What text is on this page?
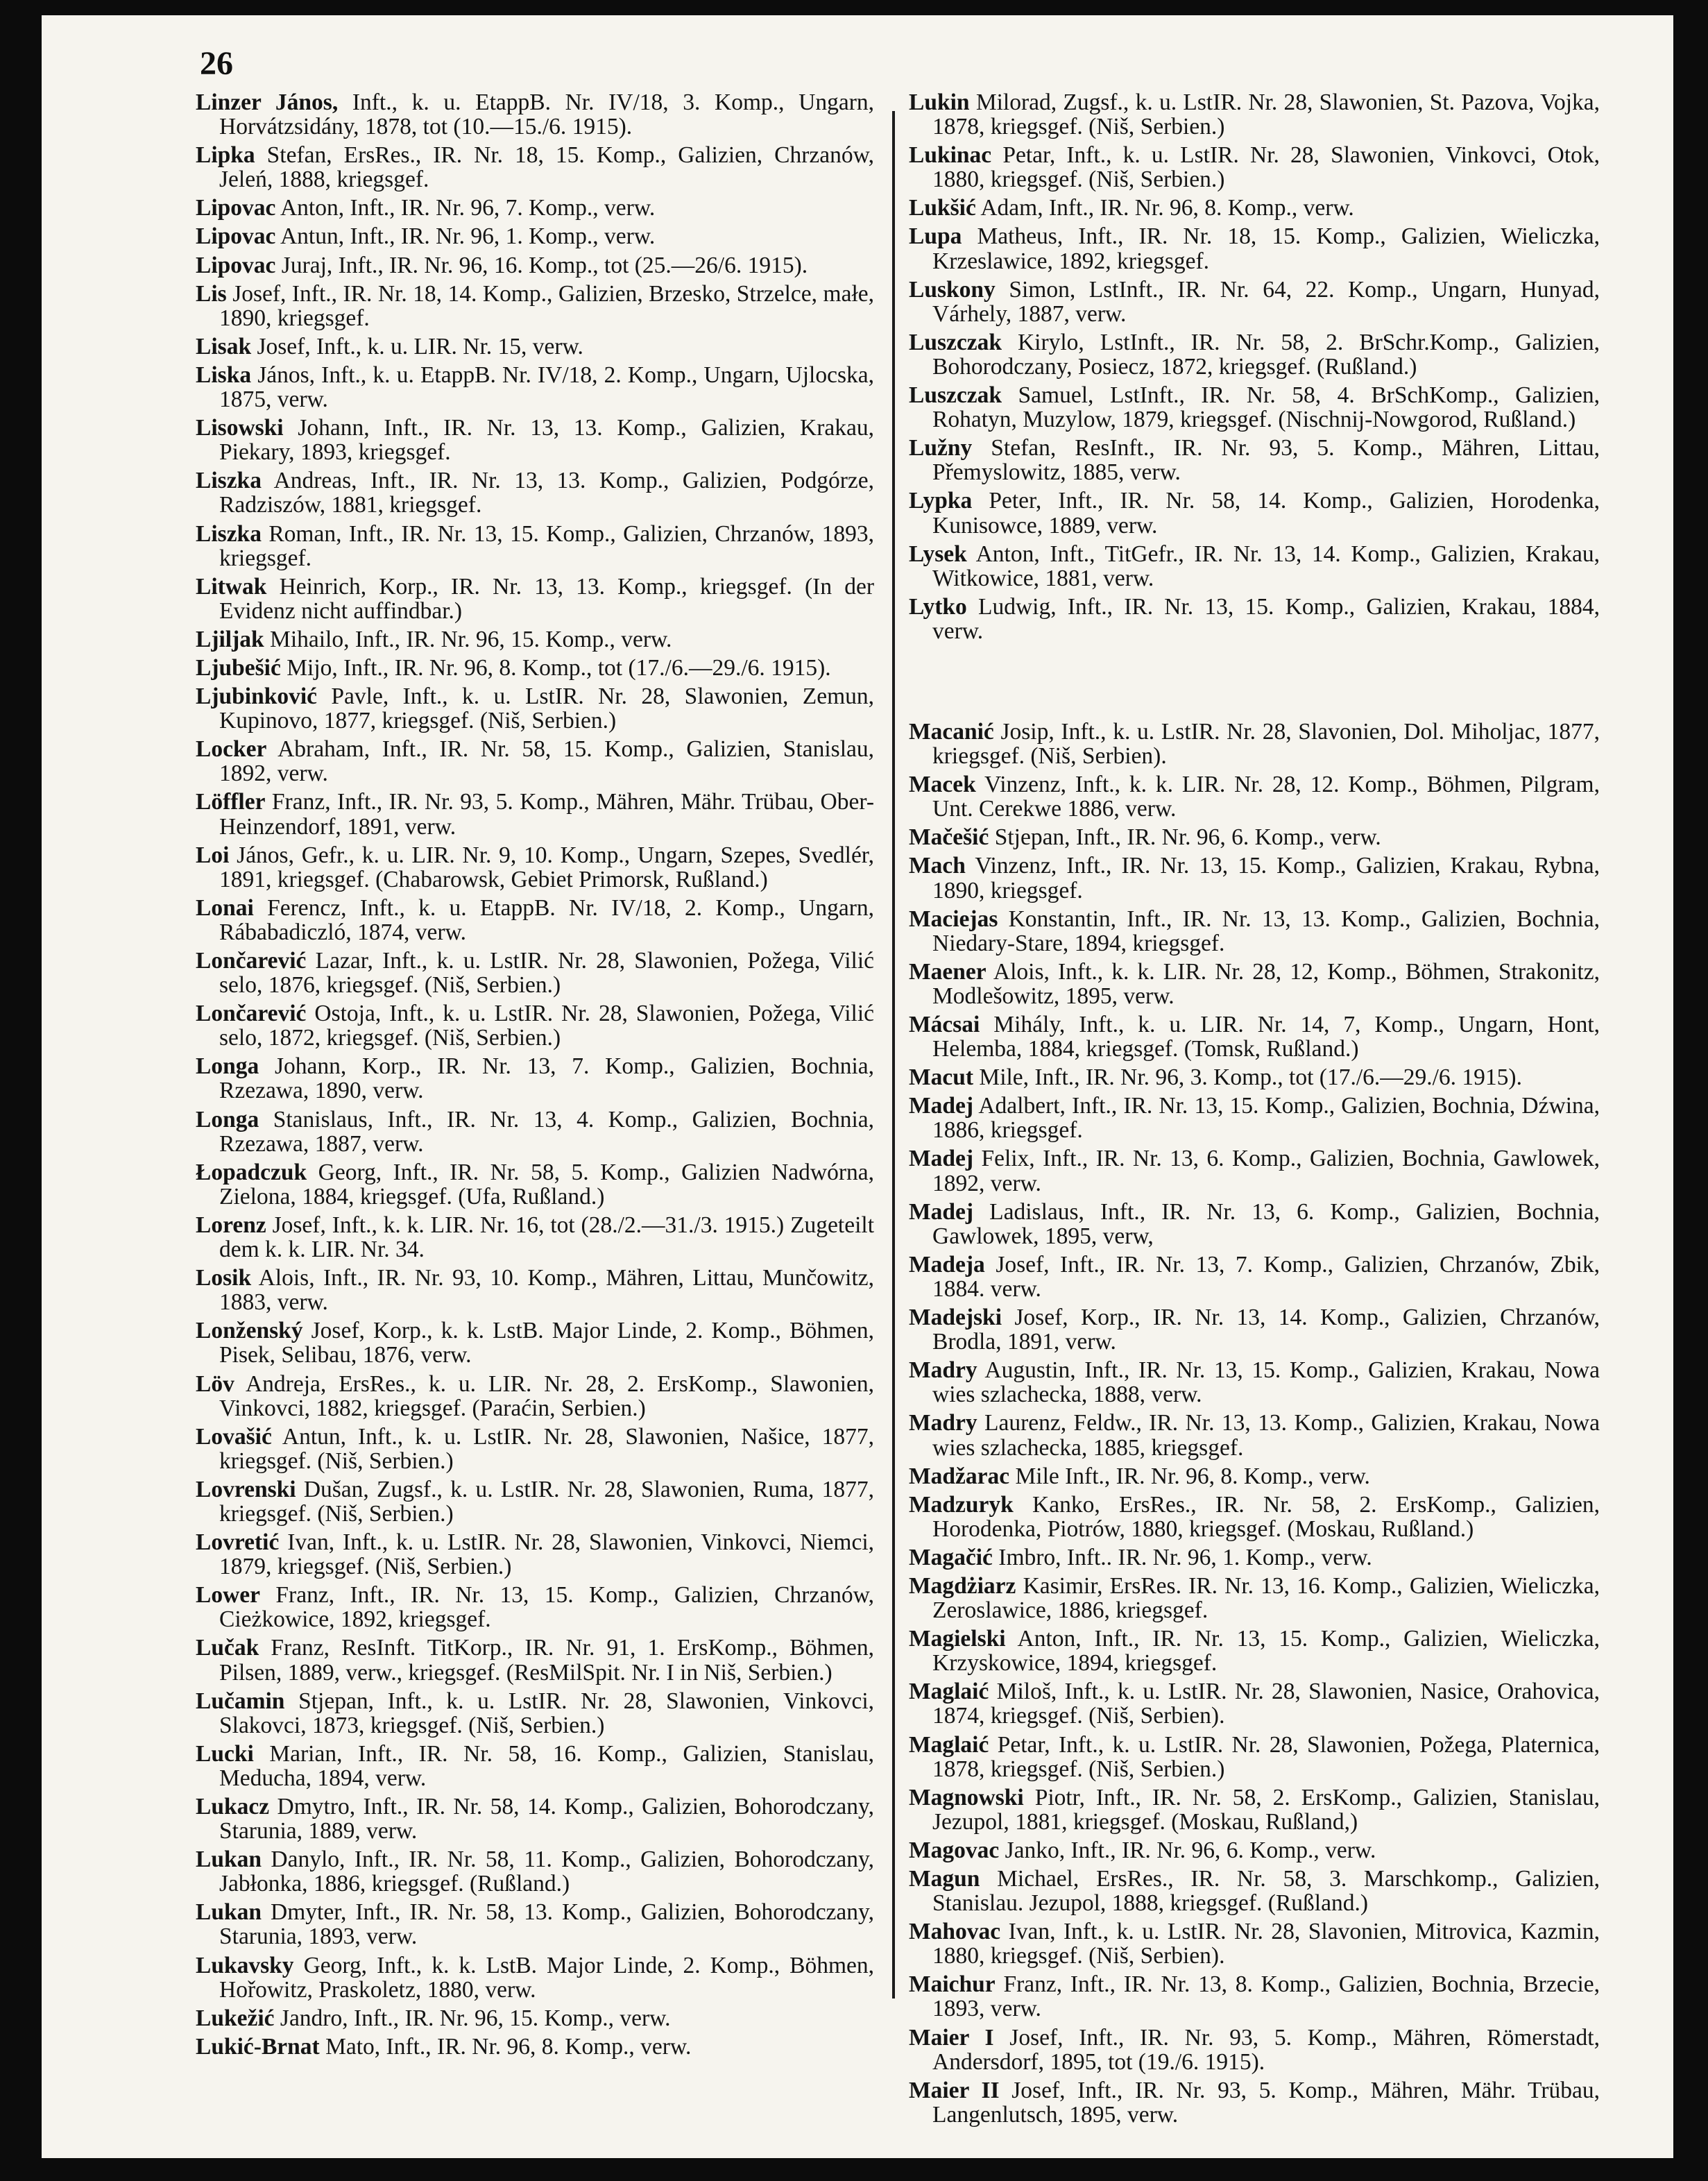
26

Linzer János, Inft., k. u. EtappB. Nr. IV/18, 3. Komp., Ungarn, Horvátzsidány, 1878, tot (10.—15./6. 1915).

Lipka Stefan, ErsRes., IR. Nr. 18, 15. Komp., Galizien, Chrzanów, Jeleń, 1888, kriegsgef.

Lipovac Anton, Inft., IR. Nr. 96, 7. Komp., verw.

Lipovac Antun, Inft., IR. Nr. 96, 1. Komp., verw.

Lipovac Juraj, Inft., IR. Nr. 96, 16. Komp., tot (25.—26/6. 1915).

Lis Josef, Inft., IR. Nr. 18, 14. Komp., Galizien, Brzesko, Strzelce, małe, 1890, kriegsgef.

Lisak Josef, Inft., k. u. LIR. Nr. 15, verw.

Liska János, Inft., k. u. EtappB. Nr. IV/18, 2. Komp., Ungarn, Ujlocska, 1875, verw.

Lisowski Johann, Inft., IR. Nr. 13, 13. Komp., Galizien, Krakau, Piekary, 1893, kriegsgef.

Liszka Andreas, Inft., IR. Nr. 13, 13. Komp., Galizien, Podgórze, Radziszów, 1881, kriegsgef.

Liszka Roman, Inft., IR. Nr. 13, 15. Komp., Galizien, Chrzanów, 1893, kriegsgef.

Litwak Heinrich, Korp., IR. Nr. 13, 13. Komp., kriegsgef. (In der Evidenz nicht auffindbar.)

Ljiljak Mihailo, Inft., IR. Nr. 96, 15. Komp., verw.

Ljubešić Mijo, Inft., IR. Nr. 96, 8. Komp., tot (17./6.—29./6. 1915).

Ljubinković Pavle, Inft., k. u. LstIR. Nr. 28, Slawonien, Zemun, Kupinovo, 1877, kriegsgef. (Niš, Serbien.)

Locker Abraham, Inft., IR. Nr. 58, 15. Komp., Galizien, Stanislau, 1892, verw.

Löffler Franz, Inft., IR. Nr. 93, 5. Komp., Mähren, Mähr. Trübau, Ober-Heinzendorf, 1891, verw.

Loi János, Gefr., k. u. LIR. Nr. 9, 10. Komp., Ungarn, Szepes, Svedlér, 1891, kriegsgef. (Chabarowsk, Gebiet Primorsk, Rußland.)

Lonai Ferencz, Inft., k. u. EtappB. Nr. IV/18, 2. Komp., Ungarn, Rábabadiczló, 1874, verw.

Lončarević Lazar, Inft., k. u. LstIR. Nr. 28, Slawonien, Požega, Vilić selo, 1876, kriegsgef. (Niš, Serbien.)

Lončarević Ostoja, Inft., k. u. LstIR. Nr. 28, Slawonien, Požega, Vilić selo, 1872, kriegsgef. (Niš, Serbien.)

Longa Johann, Korp., IR. Nr. 13, 7. Komp., Galizien, Bochnia, Rzezawa, 1890, verw.

Longa Stanislaus, Inft., IR. Nr. 13, 4. Komp., Galizien, Bochnia, Rzezawa, 1887, verw.

Łopadczuk Georg, Inft., IR. Nr. 58, 5. Komp., Galizien Nadwórna, Zielona, 1884, kriegsgef. (Ufa, Rußland.)

Lorenz Josef, Inft., k. k. LIR. Nr. 16, tot (28./2.—31./3. 1915.) Zugeteilt dem k. k. LIR. Nr. 34.

Losik Alois, Inft., IR. Nr. 93, 10. Komp., Mähren, Littau, Munčowitz, 1883, verw.

Lonženský Josef, Korp., k. k. LstB. Major Linde, 2. Komp., Böhmen, Pisek, Selibau, 1876, verw.

Löv Andreja, ErsRes., k. u. LIR. Nr. 28, 2. ErsKomp., Slawonien, Vinkovci, 1882, kriegsgef. (Paraćin, Serbien.)

Lovašić Antun, Inft., k. u. LstIR. Nr. 28, Slawonien, Našice, 1877, kriegsgef. (Niš, Serbien.)

Lovrenski Dušan, Zugsf., k. u. LstIR. Nr. 28, Slawonien, Ruma, 1877, kriegsgef. (Niš, Serbien.)

Lovretić Ivan, Inft., k. u. LstIR. Nr. 28, Slawonien, Vinkovci, Niemci, 1879, kriegsgef. (Niš, Serbien.)

Lower Franz, Inft., IR. Nr. 13, 15. Komp., Galizien, Chrzanów, Cieżkowice, 1892, kriegsgef.

Lučak Franz, ResInft. TitKorp., IR. Nr. 91, 1. ErsKomp., Böhmen, Pilsen, 1889, verw., kriegsgef. (ResMilSpit. Nr. I in Niš, Serbien.)

Lučamin Stjepan, Inft., k. u. LstIR. Nr. 28, Slawonien, Vinkovci, Slakovci, 1873, kriegsgef. (Niš, Serbien.)

Lucki Marian, Inft., IR. Nr. 58, 16. Komp., Galizien, Stanislau, Meducha, 1894, verw.

Lukacz Dmytro, Inft., IR. Nr. 58, 14. Komp., Galizien, Bohorodczany, Starunia, 1889, verw.

Lukan Danylo, Inft., IR. Nr. 58, 11. Komp., Galizien, Bohorodczany, Jabłonka, 1886, kriegsgef. (Rußland.)

Lukan Dmyter, Inft., IR. Nr. 58, 13. Komp., Galizien, Bohorodczany, Starunia, 1893, verw.

Lukavsky Georg, Inft., k. k. LstB. Major Linde, 2. Komp., Böhmen, Hořowitz, Praskoletz, 1880, verw.

Lukežić Jandro, Inft., IR. Nr. 96, 15. Komp., verw.

Lukić-Brnat Mato, Inft., IR. Nr. 96, 8. Komp., verw.

Lukin Milorad, Zugsf., k. u. LstIR. Nr. 28, Slawonien, St. Pazova, Vojka, 1878, kriegsgef. (Niš, Serbien.)

Lukinac Petar, Inft., k. u. LstIR. Nr. 28, Slawonien, Vinkovci, Otok, 1880, kriegsgef. (Niš, Serbien.)

Lukšić Adam, Inft., IR. Nr. 96, 8. Komp., verw.

Lupa Matheus, Inft., IR. Nr. 18, 15. Komp., Galizien, Wieliczka, Krzeslawice, 1892, kriegsgef.

Luskony Simon, LstInft., IR. Nr. 64, 22. Komp., Ungarn, Hunyad, Várhely, 1887, verw.

Luszczak Kirylo, LstInft., IR. Nr. 58, 2. BrSchr.Komp., Galizien, Bohorodczany, Posiecz, 1872, kriegsgef. (Rußland.)

Luszczak Samuel, LstInft., IR. Nr. 58, 4. BrSchKomp., Galizien, Rohatyn, Muzylow, 1879, kriegsgef. (Nischnij-Nowgorod, Rußland.)

Lužny Stefan, ResInft., IR. Nr. 93, 5. Komp., Mähren, Littau, Přemyslowitz, 1885, verw.

Lypka Peter, Inft., IR. Nr. 58, 14. Komp., Galizien, Horodenka, Kunisowce, 1889, verw.

Lysek Anton, Inft., TitGefr., IR. Nr. 13, 14. Komp., Galizien, Krakau, Witkowice, 1881, verw.

Lytko Ludwig, Inft., IR. Nr. 13, 15. Komp., Galizien, Krakau, 1884, verw.

Macanić Josip, Inft., k. u. LstIR. Nr. 28, Slavonien, Dol. Miholjac, 1877, kriegsgef. (Niš, Serbien).

Macek Vinzenz, Inft., k. k. LIR. Nr. 28, 12. Komp., Böhmen, Pilgram, Unt. Cerekwe 1886, verw.

Mačešić Stjepan, Inft., IR. Nr. 96, 6. Komp., verw.

Mach Vinzenz, Inft., IR. Nr. 13, 15. Komp., Galizien, Krakau, Rybna, 1890, kriegsgef.

Maciejas Konstantin, Inft., IR. Nr. 13, 13. Komp., Galizien, Bochnia, Niedary-Stare, 1894, kriegsgef.

Maener Alois, Inft., k. k. LIR. Nr. 28, 12, Komp., Böhmen, Strakonitz, Modlešowitz, 1895, verw.

Mácsai Mihály, Inft., k. u. LIR. Nr. 14, 7, Komp., Ungarn, Hont, Helemba, 1884, kriegsgef. (Tomsk, Rußland.)

Macut Mile, Inft., IR. Nr. 96, 3. Komp., tot (17./6.—29./6. 1915).

Madej Adalbert, Inft., IR. Nr. 13, 15. Komp., Galizien, Bochnia, Dźwina, 1886, kriegsgef.

Madej Felix, Inft., IR. Nr. 13, 6. Komp., Galizien, Bochnia, Gawlowek, 1892, verw.

Madej Ladislaus, Inft., IR. Nr. 13, 6. Komp., Galizien, Bochnia, Gawlowek, 1895, verw,

Madeja Josef, Inft., IR. Nr. 13, 7. Komp., Galizien, Chrzanów, Zbik, 1884. verw.

Madejski Josef, Korp., IR. Nr. 13, 14. Komp., Galizien, Chrzanów, Brodla, 1891, verw.

Madry Augustin, Inft., IR. Nr. 13, 15. Komp., Galizien, Krakau, Nowa wies szlachecka, 1888, verw.

Madry Laurenz, Feldw., IR. Nr. 13, 13. Komp., Galizien, Krakau, Nowa wies szlachecka, 1885, kriegsgef.

Madžarac Mile Inft., IR. Nr. 96, 8. Komp., verw.

Madzuryk Kanko, ErsRes., IR. Nr. 58, 2. ErsKomp., Galizien, Horodenka, Piotrów, 1880, kriegsgef. (Moskau, Rußland.)

Magačić Imbro, Inft.. IR. Nr. 96, 1. Komp., verw.

Magdżiarz Kasimir, ErsRes. IR. Nr. 13, 16. Komp., Galizien, Wieliczka, Zeroslawice, 1886, kriegsgef.

Magielski Anton, Inft., IR. Nr. 13, 15. Komp., Galizien, Wieliczka, Krzyskowice, 1894, kriegsgef.

Maglaić Miloš, Inft., k. u. LstIR. Nr. 28, Slawonien, Nasice, Orahovica, 1874, kriegsgef. (Niš, Serbien).

Maglaić Petar, Inft., k. u. LstIR. Nr. 28, Slawonien, Požega, Platernica, 1878, kriegsgef. (Niš, Serbien.)

Magnowski Piotr, Inft., IR. Nr. 58, 2. ErsKomp., Galizien, Stanislau, Jezupol, 1881, kriegsgef. (Moskau, Rußland,)

Magovac Janko, Inft., IR. Nr. 96, 6. Komp., verw.

Magun Michael, ErsRes., IR. Nr. 58, 3. Marschkomp., Galizien, Stanislau. Jezupol, 1888, kriegsgef. (Rußland.)

Mahovac Ivan, Inft., k. u. LstIR. Nr. 28, Slavonien, Mitrovica, Kazmin, 1880, kriegsgef. (Niš, Serbien).

Maichur Franz, Inft., IR. Nr. 13, 8. Komp., Galizien, Bochnia, Brzecie, 1893, verw.

Maier I Josef, Inft., IR. Nr. 93, 5. Komp., Mähren, Römerstadt, Andersdorf, 1895, tot (19./6. 1915).

Maier II Josef, Inft., IR. Nr. 93, 5. Komp., Mähren, Mähr. Trübau, Langenlutsch, 1895, verw.
